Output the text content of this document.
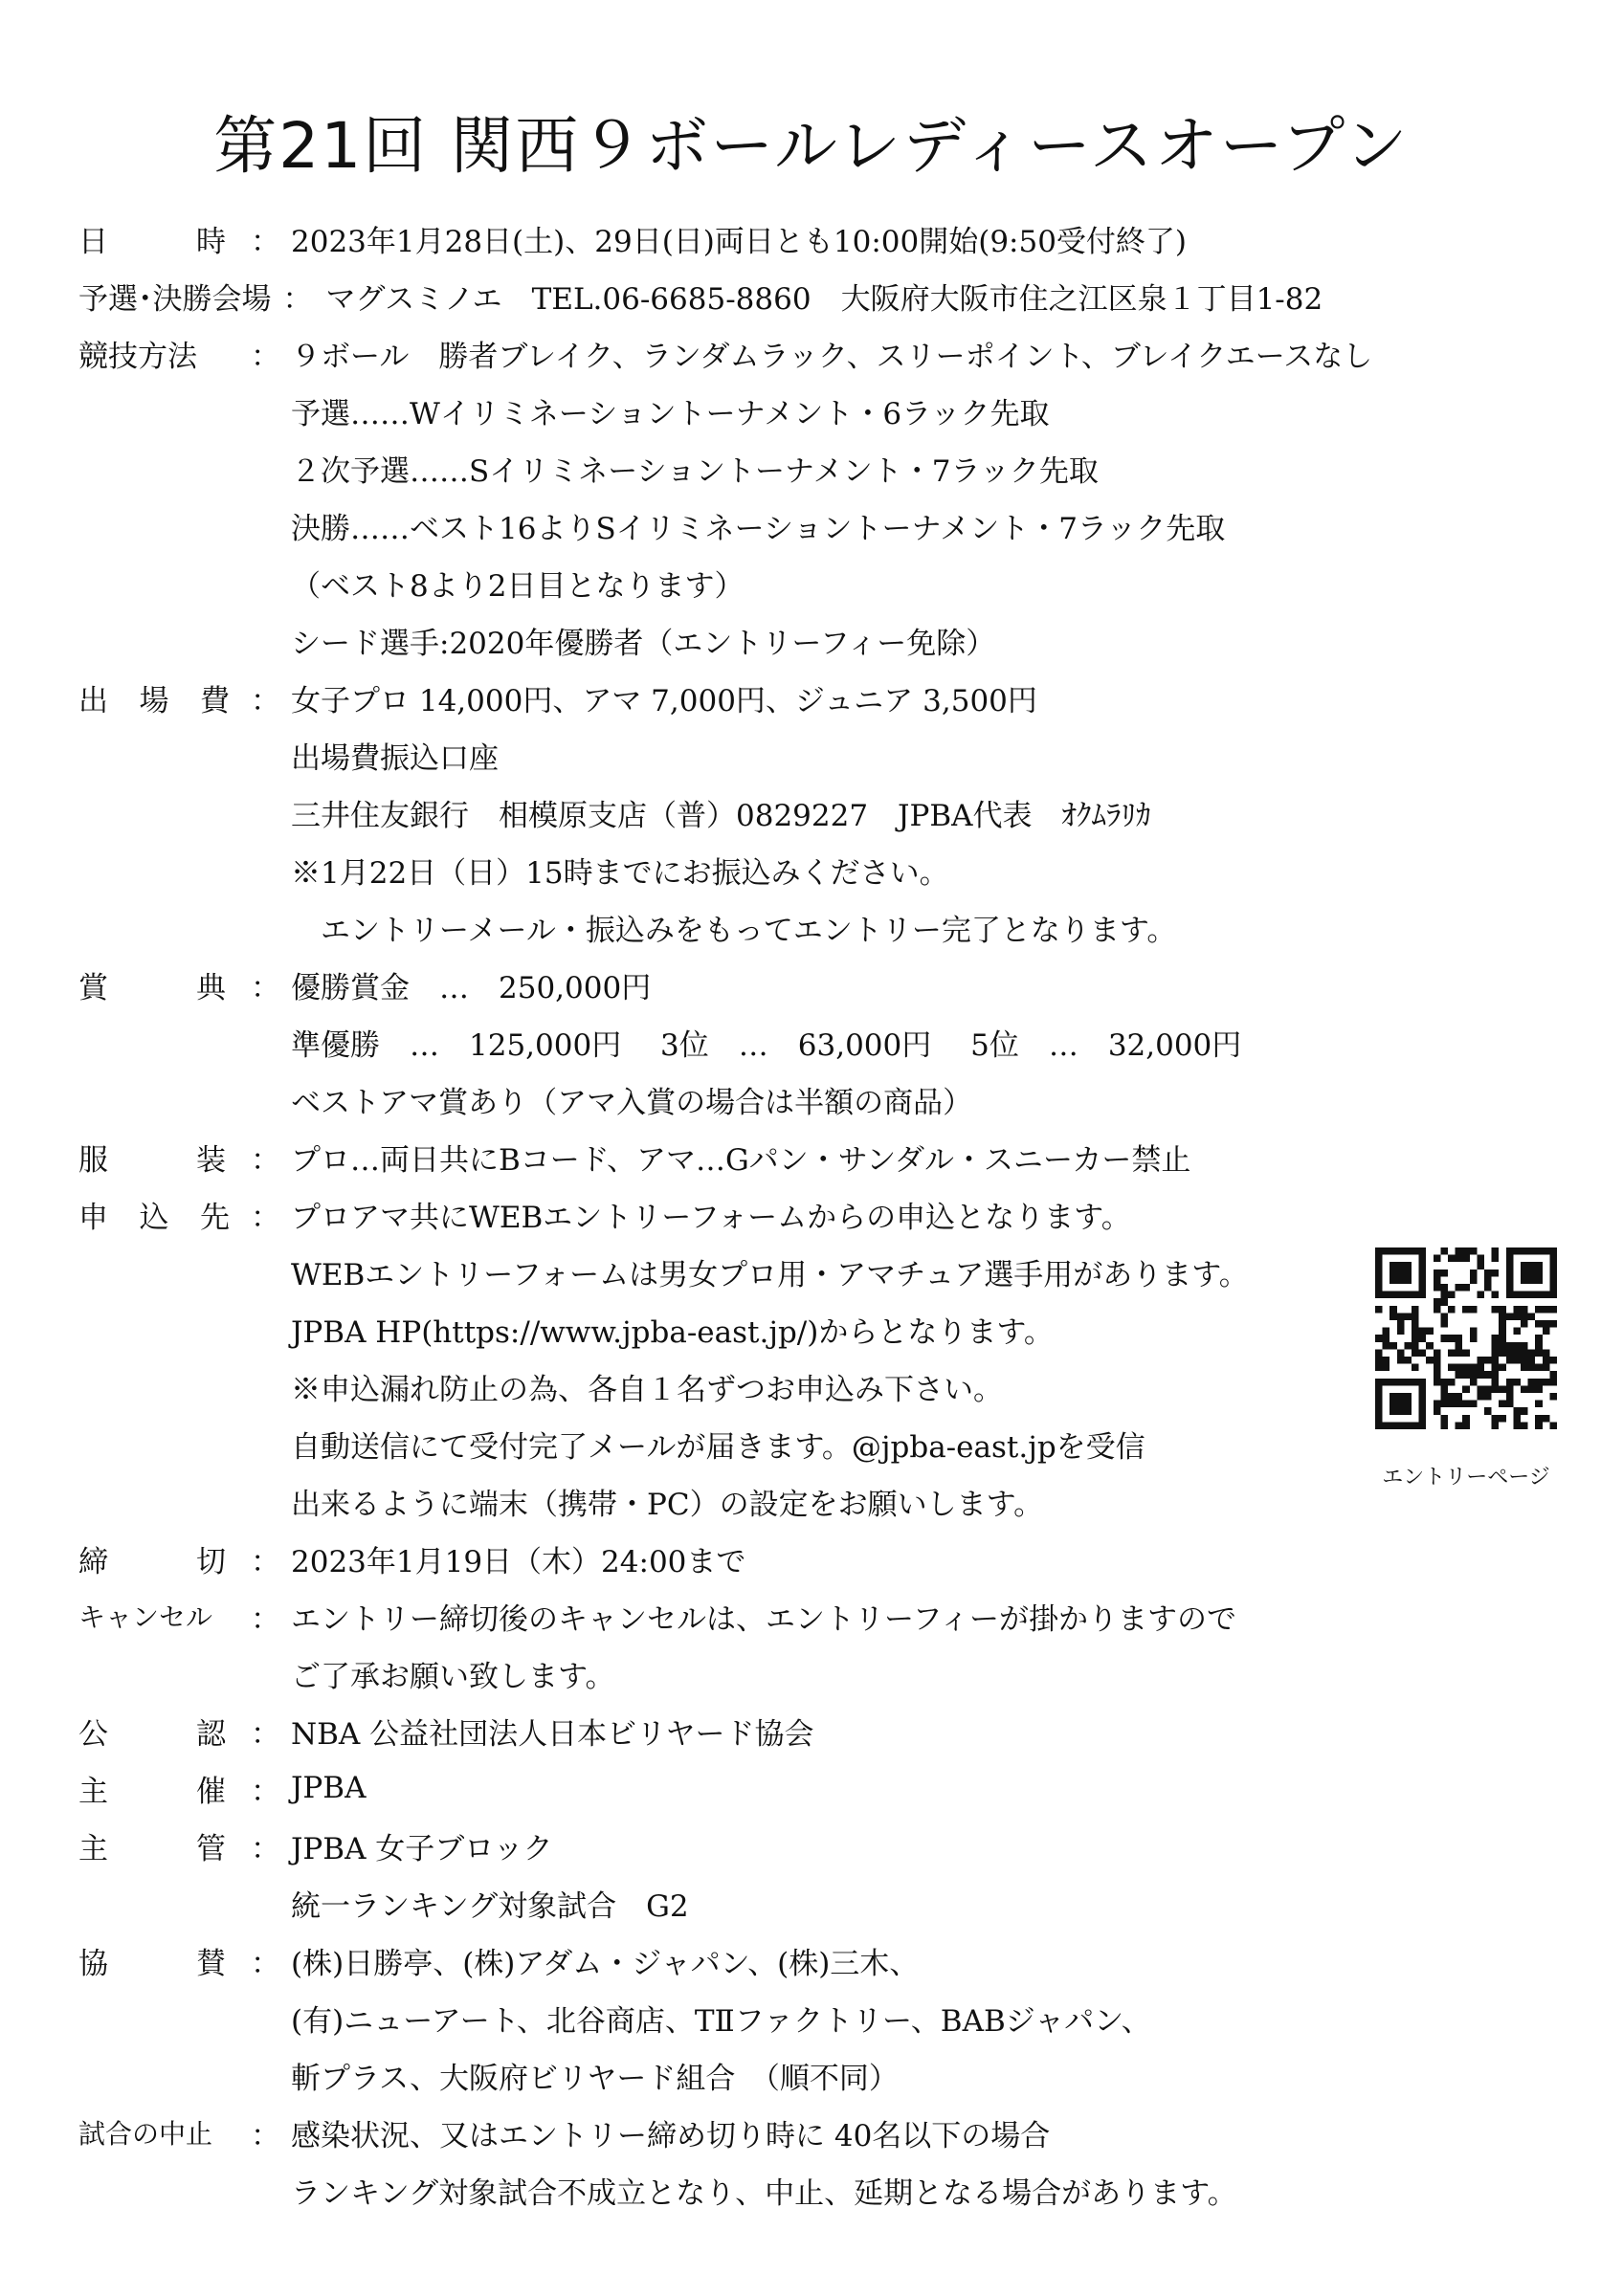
第21回 関西９ボールレディースオープン
日	時 ： 2023年1月28日(土)、29日(日)両日とも10:00開始(9:50受付終了)
予選･決勝会場 ： マグスミノエ　TEL.06-6685-8860　大阪府大阪市住之江区泉１丁目1-82
競技方法	： ９ボール　勝者ブレイク、ランダムラック、スリーポイント、ブレイクエースなし
予選……Wイリミネーショントーナメント・6ラック先取
２次予選……Sイリミネーショントーナメント・7ラック先取
決勝……ベスト16よりSイリミネーショントーナメント・7ラック先取
（ベスト8より2日目となります）
シード選手:2020年優勝者（エントリーフィー免除）
出 場 費 ： 女子プロ 14,000円、アマ 7,000円、ジュニア 3,500円
出場費振込口座
三井住友銀行　相模原支店（普）0829227　JPBA代表　ｵｸﾑﾗﾘｶ
※1月22日（日）15時までにお振込みください。
　エントリーメール・振込みをもってエントリー完了となります。
賞	典 ： 優勝賞金　…　250,000円
準優勝　…　125,000円　 3位　…　63,000円　 5位　…　32,000円
ベストアマ賞あり（アマ入賞の場合は半額の商品）
服	装 ： プロ…両日共にBコード、アマ…Gパン・サンダル・スニーカー禁止
申 込 先 ： プロアマ共にWEBエントリーフォームからの申込となります。
WEBエントリーフォームは男女プロ用・アマチュア選手用があります。
JPBA HP(https://www.jpba-east.jp/)からとなります。
※申込漏れ防止の為、各自１名ずつお申込み下さい。
自動送信にて受付完了メールが届きます。@jpba-east.jpを受信
出来るように端末（携帯・PC）の設定をお願いします。
締	切 ： 2023年1月19日（木）24:00まで
キャンセル	： エントリー締切後のキャンセルは、エントリーフィーが掛かりますので
ご了承お願い致します。
公	認 ： NBA 公益社団法人日本ビリヤード協会
主	催 ： JPBA
主	管 ： JPBA 女子ブロック
統一ランキング対象試合　G2
協	賛 ： (株)日勝亭、(株)アダム・ジャパン、(株)三木、
(有)ニューアート、北谷商店、TⅡファクトリー、BABジャパン、
斬プラス、大阪府ビリヤード組合　（順不同）
試合の中止	： 感染状況、又はエントリー締め切り時に 40名以下の場合
ランキング対象試合不成立となり、中止、延期となる場合があります。
エントリーページ
